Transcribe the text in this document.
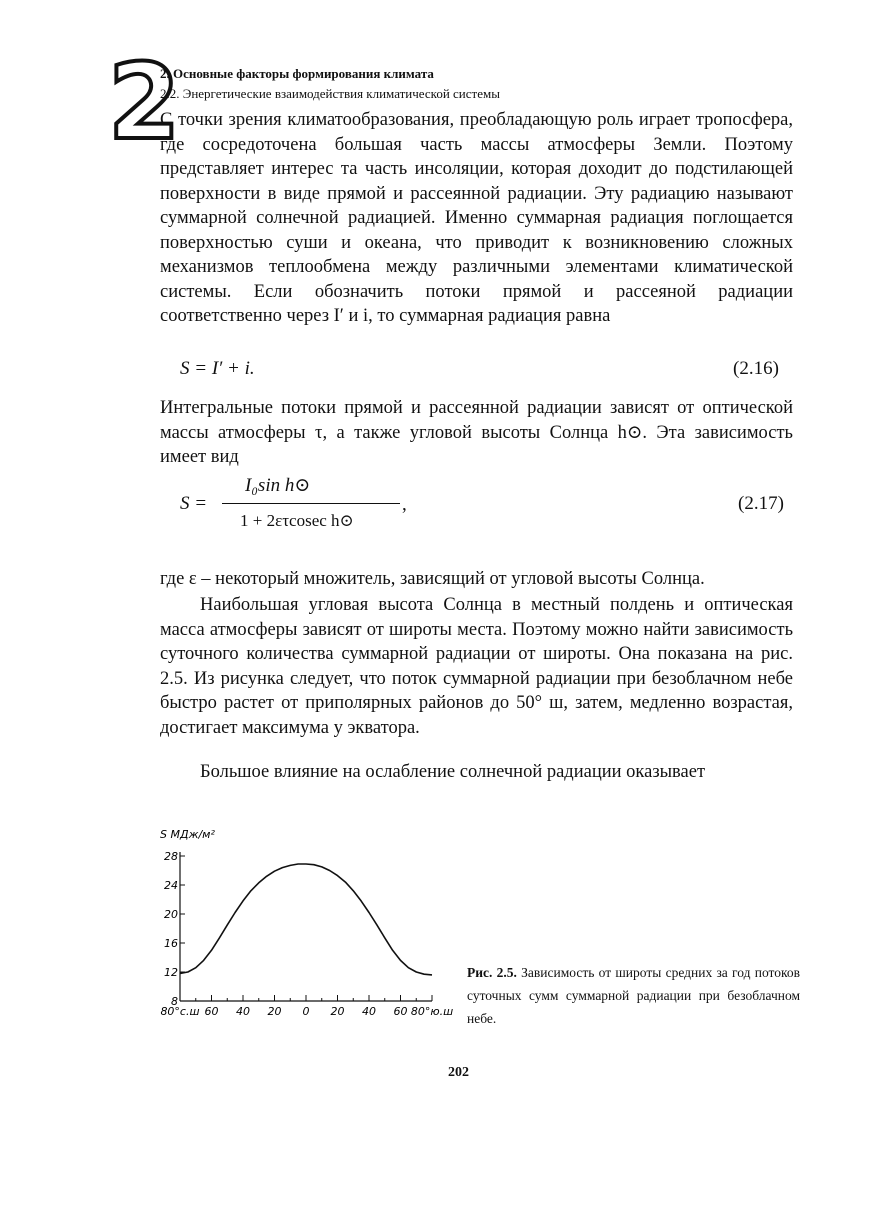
2
2. Основные факторы формирования климата
2.2. Энергетические взаимодействия климатической системы
С точки зрения климатообразования, преобладающую роль играет тропосфера, где сосредоточена большая часть массы атмосферы Земли. Поэтому представляет интерес та часть инсоляции, которая доходит до подстилающей поверхности в виде прямой и рассеянной радиации. Эту радиацию называют суммарной солнечной радиацией. Именно суммарная радиация поглощается поверхностью суши и океана, что приводит к возникновению сложных механизмов теплообмена между различными элементами климатической системы. Если обозначить потоки прямой и рассеяной радиации соответственно через I′ и i, то суммарная радиация равна
S = I′ + i.	(2.16)
Интегральные потоки прямой и рассеянной радиации зависят от оптической массы атмосферы τ, а также угловой высоты Солнца h⊙. Эта зависимость имеет вид
S =
I₀sin h⊙
1 + 2ετcosec h⊙
,	(2.17)
где ε – некоторый множитель, зависящий от угловой высоты Солнца.
Наибольшая угловая высота Солнца в местный полдень и оптическая масса атмосферы зависят от широты места. Поэтому можно найти зависимость суточного количества суммарной радиации от широты. Она показана на рис. 2.5. Из рисунка следует, что поток суммарной радиации при безоблачном небе быстро растет от приполярных районов до 50° ш, затем, медленно возрастая, достигает максимума у экватора.
Большое влияние на ослабление солнечной радиации оказывает
S МДж/м²
8
12
16
20
24
28
80°с.ш 60 40 20 0 20 40 60 80°ю.ш
Рис. 2.5. Зависимость от широты средних за год потоков суточных сумм суммарной радиации при безоблачном небе.
202
